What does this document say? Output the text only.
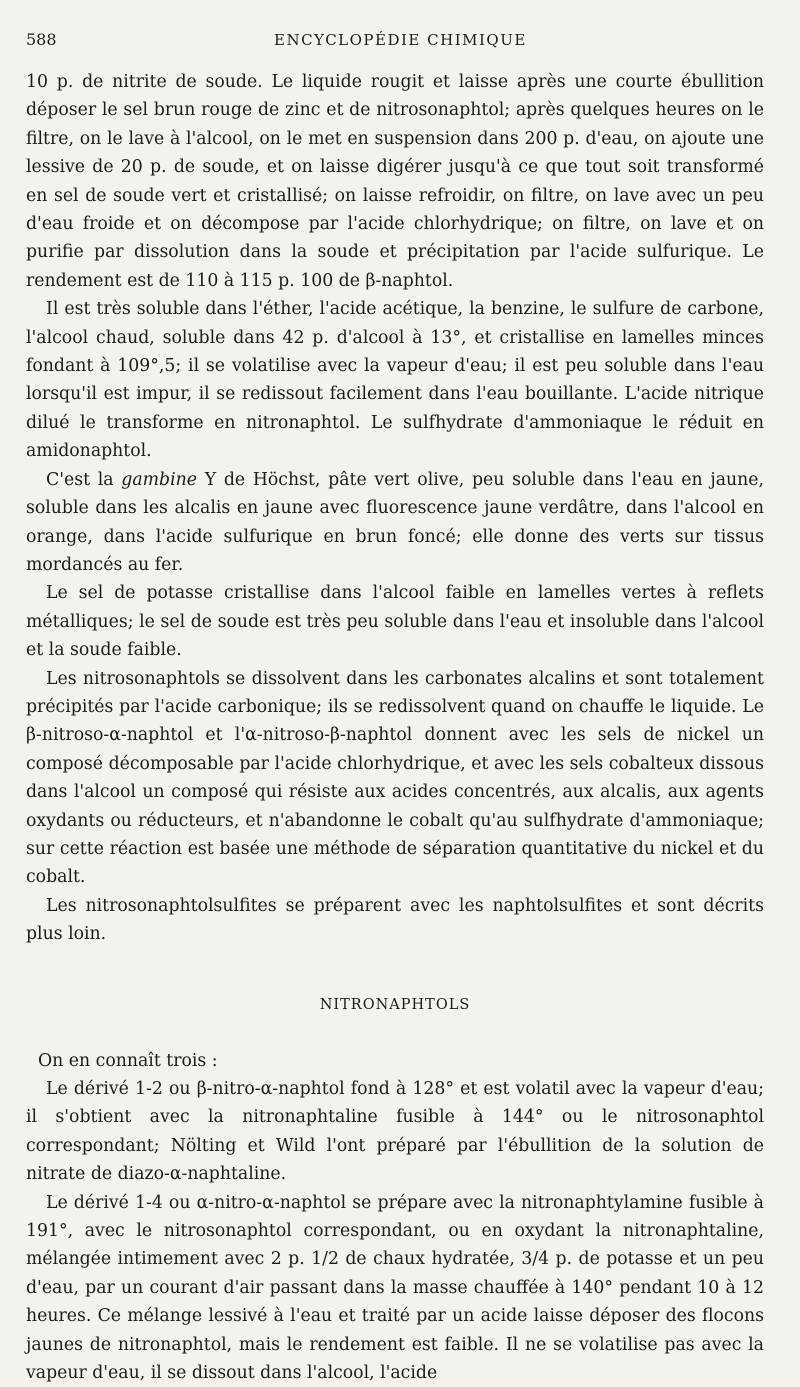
588	ENCYCLOPÉDIE CHIMIQUE

10 p. de nitrite de soude. Le liquide rougit et laisse après une courte ébullition déposer le sel brun rouge de zinc et de nitrosonaphtol; après quelques heures on le filtre, on le lave à l'alcool, on le met en suspension dans 200 p. d'eau, on ajoute une lessive de 20 p. de soude, et on laisse digérer jusqu'à ce que tout soit transformé en sel de soude vert et cristallisé; on laisse refroidir, on filtre, on lave avec un peu d'eau froide et on décompose par l'acide chlorhydrique; on filtre, on lave et on purifie par dissolution dans la soude et précipitation par l'acide sulfurique. Le rendement est de 110 à 115 p. 100 de β-naphtol.

Il est très soluble dans l'éther, l'acide acétique, la benzine, le sulfure de carbone, l'alcool chaud, soluble dans 42 p. d'alcool à 13°, et cristallise en lamelles minces fondant à 109°,5; il se volatilise avec la vapeur d'eau; il est peu soluble dans l'eau lorsqu'il est impur, il se redissout facilement dans l'eau bouillante. L'acide nitrique dilué le transforme en nitronaphtol. Le sulfhydrate d'ammoniaque le réduit en amidonaphtol.

C'est la gambine Y de Höchst, pâte vert olive, peu soluble dans l'eau en jaune, soluble dans les alcalis en jaune avec fluorescence jaune verdâtre, dans l'alcool en orange, dans l'acide sulfurique en brun foncé; elle donne des verts sur tissus mordancés au fer.

Le sel de potasse cristallise dans l'alcool faible en lamelles vertes à reflets métalliques; le sel de soude est très peu soluble dans l'eau et insoluble dans l'alcool et la soude faible.

Les nitrosonaphtols se dissolvent dans les carbonates alcalins et sont totalement précipités par l'acide carbonique; ils se redissolvent quand on chauffe le liquide. Le β-nitroso-α-naphtol et l'α-nitroso-β-naphtol donnent avec les sels de nickel un composé décomposable par l'acide chlorhydrique, et avec les sels cobalteux dissous dans l'alcool un composé qui résiste aux acides concentrés, aux alcalis, aux agents oxydants ou réducteurs, et n'abandonne le cobalt qu'au sulfhydrate d'ammoniaque; sur cette réaction est basée une méthode de séparation quantitative du nickel et du cobalt.

Les nitrosonaphtolsulfites se préparent avec les naphtolsulfites et sont décrits plus loin.

NITRONAPHTOLS

On en connaît trois :

Le dérivé 1-2 ou β-nitro-α-naphtol fond à 128° et est volatil avec la vapeur d'eau; il s'obtient avec la nitronaphtaline fusible à 144° ou le nitrosonaphtol correspondant; Nölting et Wild l'ont préparé par l'ébullition de la solution de nitrate de diazo-α-naphtaline.

Le dérivé 1-4 ou α-nitro-α-naphtol se prépare avec la nitronaphtylamine fusible à 191°, avec le nitrosonaphtol correspondant, ou en oxydant la nitronaphtaline, mélangée intimement avec 2 p. 1/2 de chaux hydratée, 3/4 p. de potasse et un peu d'eau, par un courant d'air passant dans la masse chauffée à 140° pendant 10 à 12 heures. Ce mélange lessivé à l'eau et traité par un acide laisse déposer des flocons jaunes de nitronaphtol, mais le rendement est faible. Il ne se volatilise pas avec la vapeur d'eau, il se dissout dans l'alcool, l'acide
